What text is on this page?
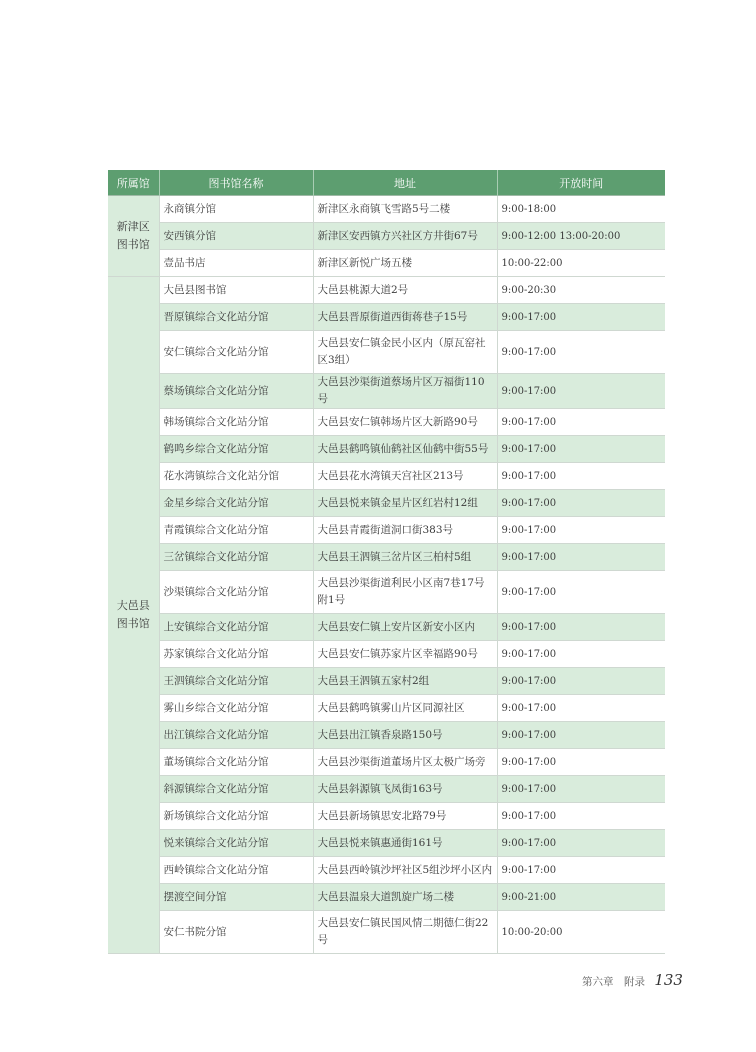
所属馆	图书馆名称	地址	开放时间

新津区
图书馆	永商镇分馆	新津区永商镇飞雪路5号二楼	9:00-18:00
	安西镇分馆	新津区安西镇方兴社区方井街67号	9:00-12:00 13:00-20:00
	壹品书店	新津区新悦广场五楼	10:00-22:00

大邑县
图书馆	大邑县图书馆	大邑县桃源大道2号	9:00-20:30
	晋原镇综合文化站分馆	大邑县晋原街道西街蒋巷子15号	9:00-17:00
	安仁镇综合文化站分馆	大邑县安仁镇金民小区内（原瓦窑社区3组）	9:00-17:00
	蔡场镇综合文化站分馆	大邑县沙渠街道蔡场片区万福街110号	9:00-17:00
	韩场镇综合文化站分馆	大邑县安仁镇韩场片区大新路90号	9:00-17:00
	鹤鸣乡综合文化站分馆	大邑县鹤鸣镇仙鹤社区仙鹤中街55号	9:00-17:00
	花水湾镇综合文化站分馆	大邑县花水湾镇天宫社区213号	9:00-17:00
	金星乡综合文化站分馆	大邑县悦来镇金星片区红岩村12组	9:00-17:00
	青霞镇综合文化站分馆	大邑县青霞街道洞口街383号	9:00-17:00
	三岔镇综合文化站分馆	大邑县王泗镇三岔片区三柏村5组	9:00-17:00
	沙渠镇综合文化站分馆	大邑县沙渠街道利民小区南7巷17号附1号	9:00-17:00
	上安镇综合文化站分馆	大邑县安仁镇上安片区新安小区内	9:00-17:00
	苏家镇综合文化站分馆	大邑县安仁镇苏家片区幸福路90号	9:00-17:00
	王泗镇综合文化站分馆	大邑县王泗镇五家村2组	9:00-17:00
	雾山乡综合文化站分馆	大邑县鹤鸣镇雾山片区同源社区	9:00-17:00
	出江镇综合文化站分馆	大邑县出江镇香泉路150号	9:00-17:00
	董场镇综合文化站分馆	大邑县沙渠街道董场片区太极广场旁	9:00-17:00
	斜源镇综合文化站分馆	大邑县斜源镇飞凤街163号	9:00-17:00
	新场镇综合文化站分馆	大邑县新场镇思安北路79号	9:00-17:00
	悦来镇综合文化站分馆	大邑县悦来镇惠通街161号	9:00-17:00
	西岭镇综合文化站分馆	大邑县西岭镇沙坪社区5组沙坪小区内	9:00-17:00
	摆渡空间分馆	大邑县温泉大道凯旋广场二楼	9:00-21:00
	安仁书院分馆	大邑县安仁镇民国风情二期德仁街22号	10:00-20:00
第六章　附录 133
